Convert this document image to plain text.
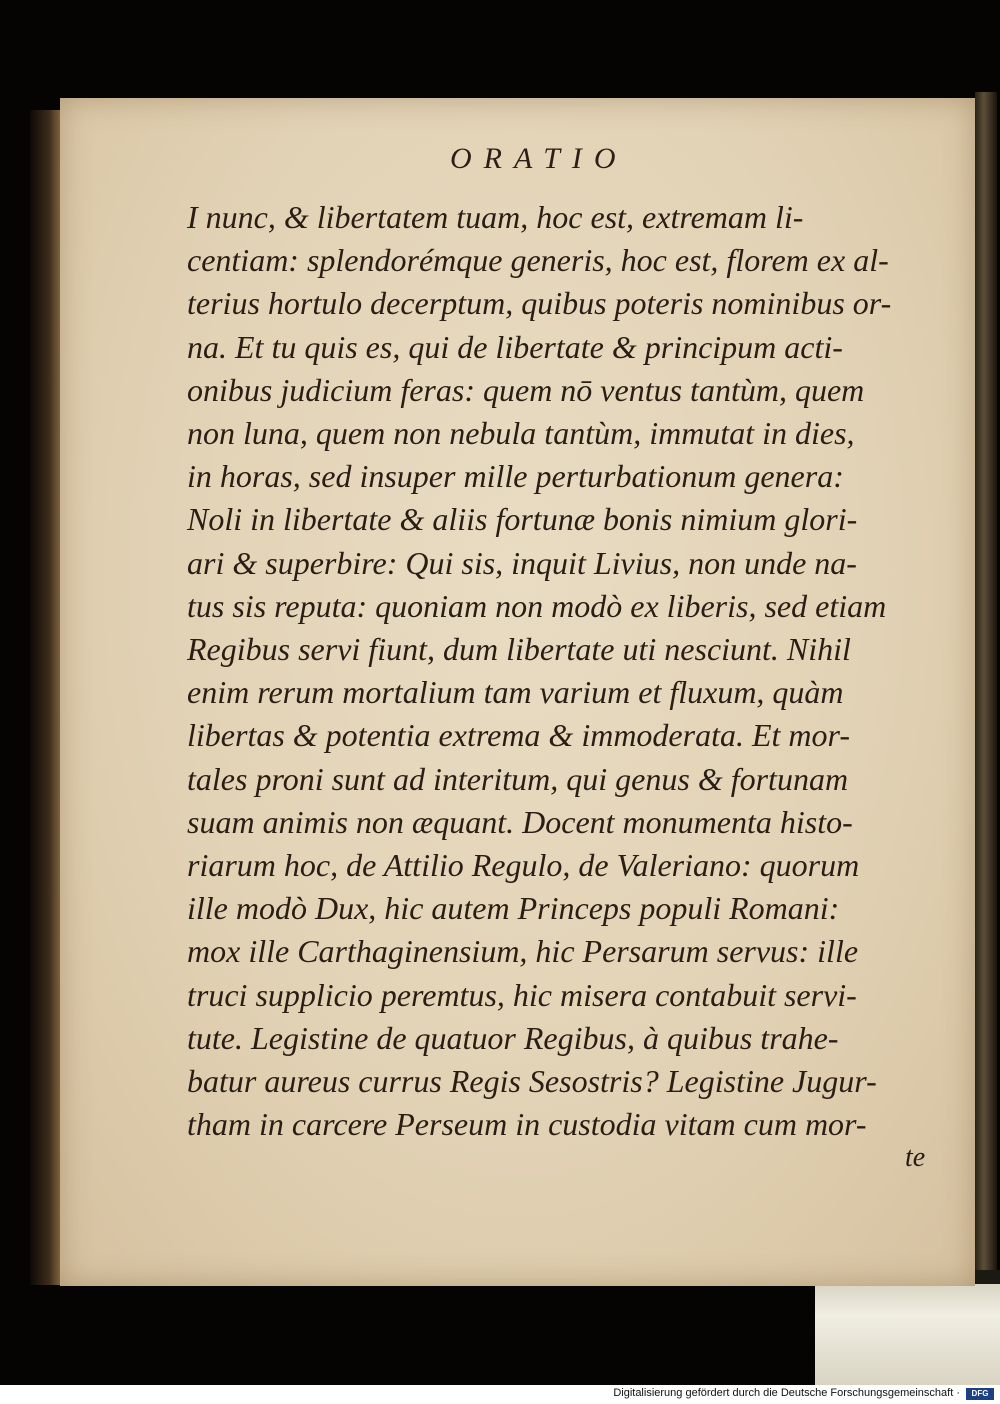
ORATIO
I nunc, & libertatem tuam, hoc est, extremam li-
centiam: splendorémque generis, hoc est, florem ex al-
terius hortulo decerptum, quibus poteris nominibus or-
na. Et tu quis es, qui de libertate & principum acti-
onibus judicium feras: quem nō ventus tantùm, quem
non luna, quem non nebula tantùm, immutat in dies,
in horas, sed insuper mille perturbationum genera:
Noli in libertate & aliis fortunæ bonis nimium glori-
ari & superbire: Qui sis, inquit Livius, non unde na-
tus sis reputa: quoniam non modò ex liberis, sed etiam
Regibus servi fiunt, dum libertate uti nesciunt. Nihil
enim rerum mortalium tam varium et fluxum, quàm
libertas & potentia extrema & immoderata. Et mor-
tales proni sunt ad interitum, qui genus & fortunam
suam animis non æquant. Docent monumenta histo-
riarum hoc, de Attilio Regulo, de Valeriano: quorum
ille modò Dux, hic autem Princeps populi Romani:
mox ille Carthaginensium, hic Persarum servus: ille
truci supplicio peremtus, hic misera contabuit servi-
tute. Legistine de quatuor Regibus, à quibus trahe-
batur aureus currus Regis Sesostris? Legistine Jugur-
tham in carcere Perseum in custodia vitam cum mor-
te
Digitalisierung gefördert durch die Deutsche Forschungsgemeinschaft ·	DFG
